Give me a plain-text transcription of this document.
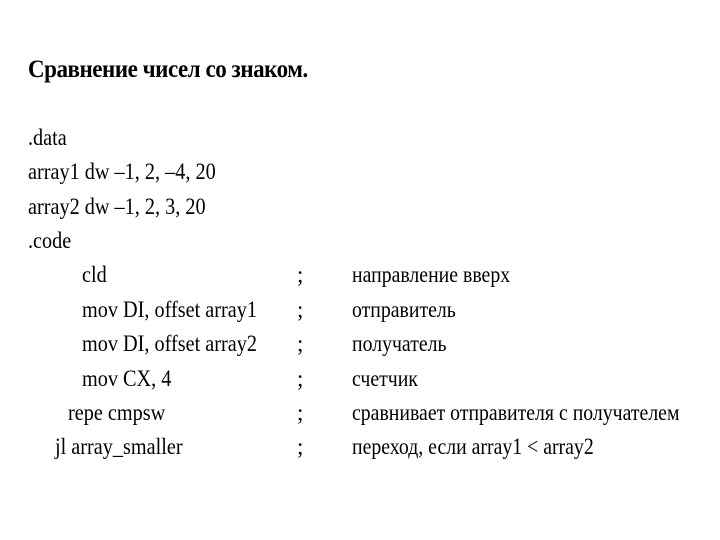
Сравнение чисел со знаком.
.data
array1 dw –1, 2, –4, 20
array2 dw –1, 2, 3, 20
.code
cld	; направление вверх
mov DI, offset array1 ; отправитель
mov DI, offset array2 ; получатель
mov CX, 4	; счетчик
repe cmpsw	; сравнивает отправителя с получателем
jl array_smaller	; переход, если array1 < array2
